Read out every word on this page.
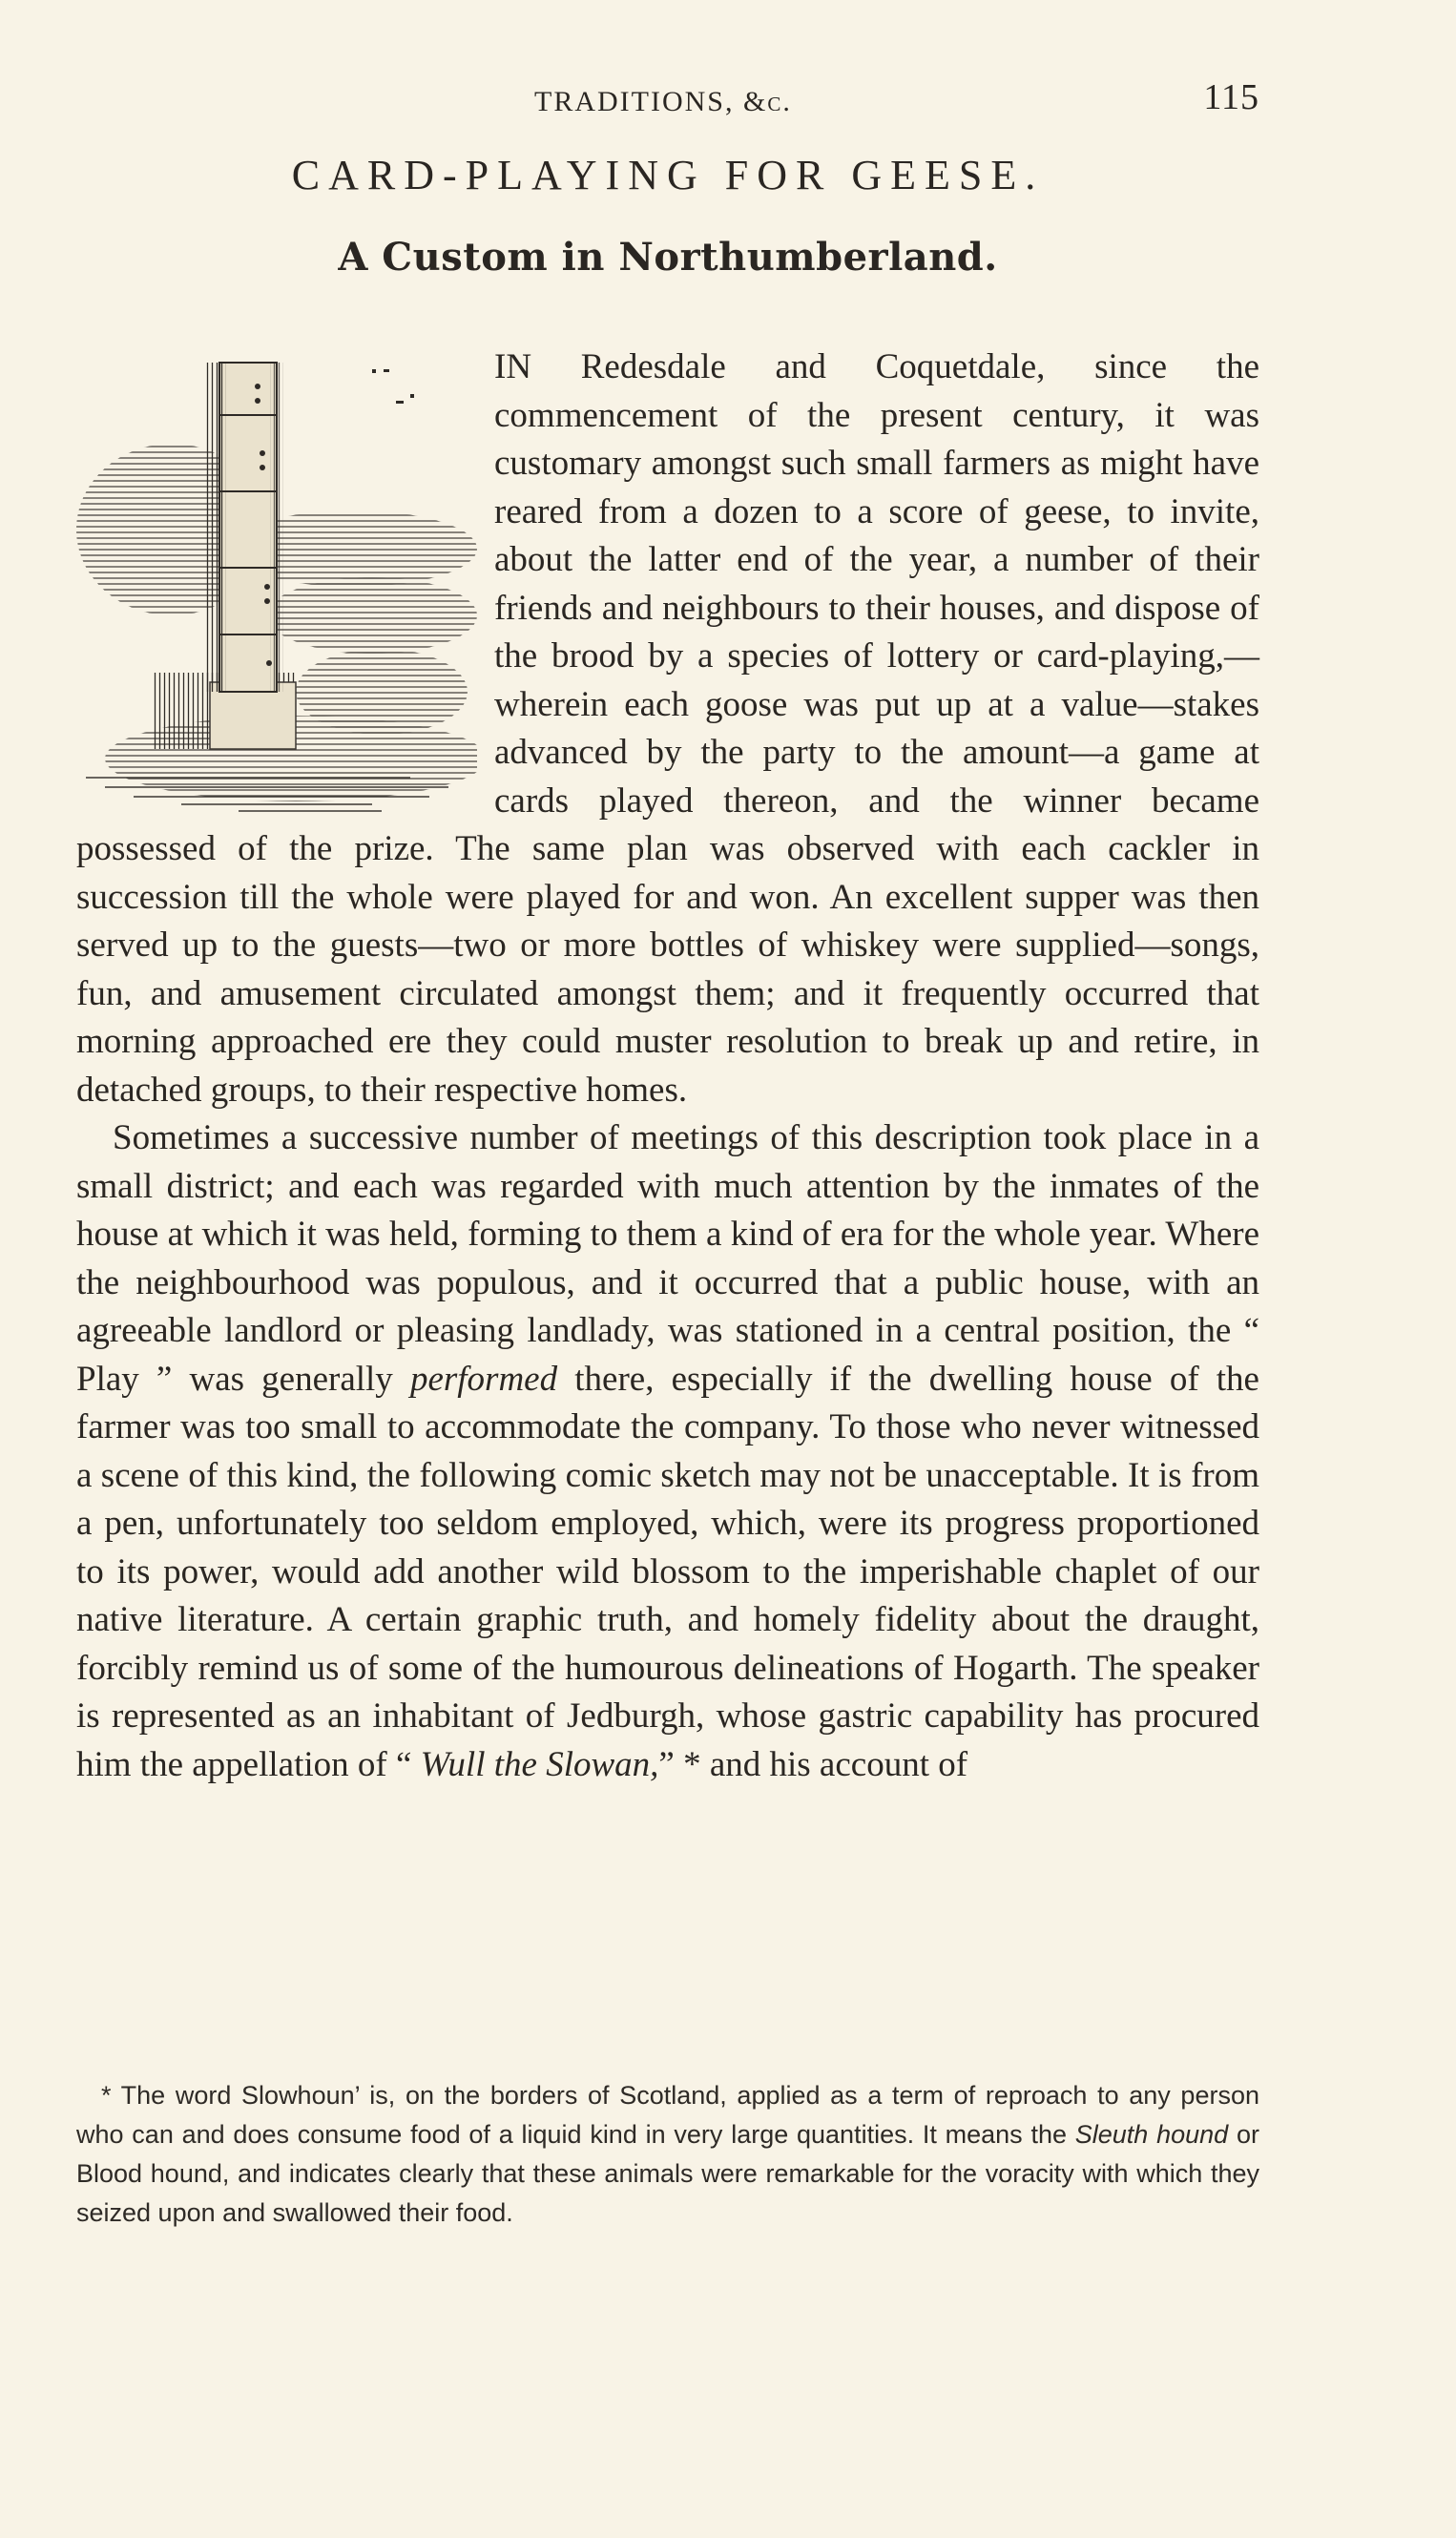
TRADITIONS, &c.	115
CARD-PLAYING FOR GEESE.
A Custom in Northumberland.

IN Redesdale and Coquetdale, since the commencement of the present century, it was customary amongst such small farmers as might have reared from a dozen to a score of geese, to invite, about the latter end of the year, a number of their friends and neighbours to their houses, and dispose of the brood by a species of lottery or card-playing,—wherein each goose was put up at a value—stakes advanced by the party to the amount—a game at cards played thereon, and the winner became possessed of the prize. The same plan was observed with each cackler in succession till the whole were played for and won. An excellent supper was then served up to the guests—two or more bottles of whiskey were supplied—songs, fun, and amusement circulated amongst them; and it frequently occurred that morning approached ere they could muster resolution to break up and retire, in detached groups, to their respective homes.

Sometimes a successive number of meetings of this description took place in a small district; and each was regarded with much attention by the inmates of the house at which it was held, forming to them a kind of era for the whole year. Where the neighbourhood was populous, and it occurred that a public house, with an agreeable landlord or pleasing landlady, was stationed in a central position, the “ Play ” was generally performed there, especially if the dwelling house of the farmer was too small to accommodate the company. To those who never witnessed a scene of this kind, the following comic sketch may not be unacceptable. It is from a pen, unfortunately too seldom employed, which, were its progress proportioned to its power, would add another wild blossom to the imperishable chaplet of our native literature. A certain graphic truth, and homely fidelity about the draught, forcibly remind us of some of the humourous delineations of Hogarth. The speaker is represented as an inhabitant of Jedburgh, whose gastric capability has procured him the appellation of “ Wull the Slowan,” * and his account of

* The word Slowhoun’ is, on the borders of Scotland, applied as a term of reproach to any person who can and does consume food of a liquid kind in very large quantities. It means the Sleuth hound or Blood hound, and indicates clearly that these animals were remarkable for the voracity with which they seized upon and swallowed their food.
